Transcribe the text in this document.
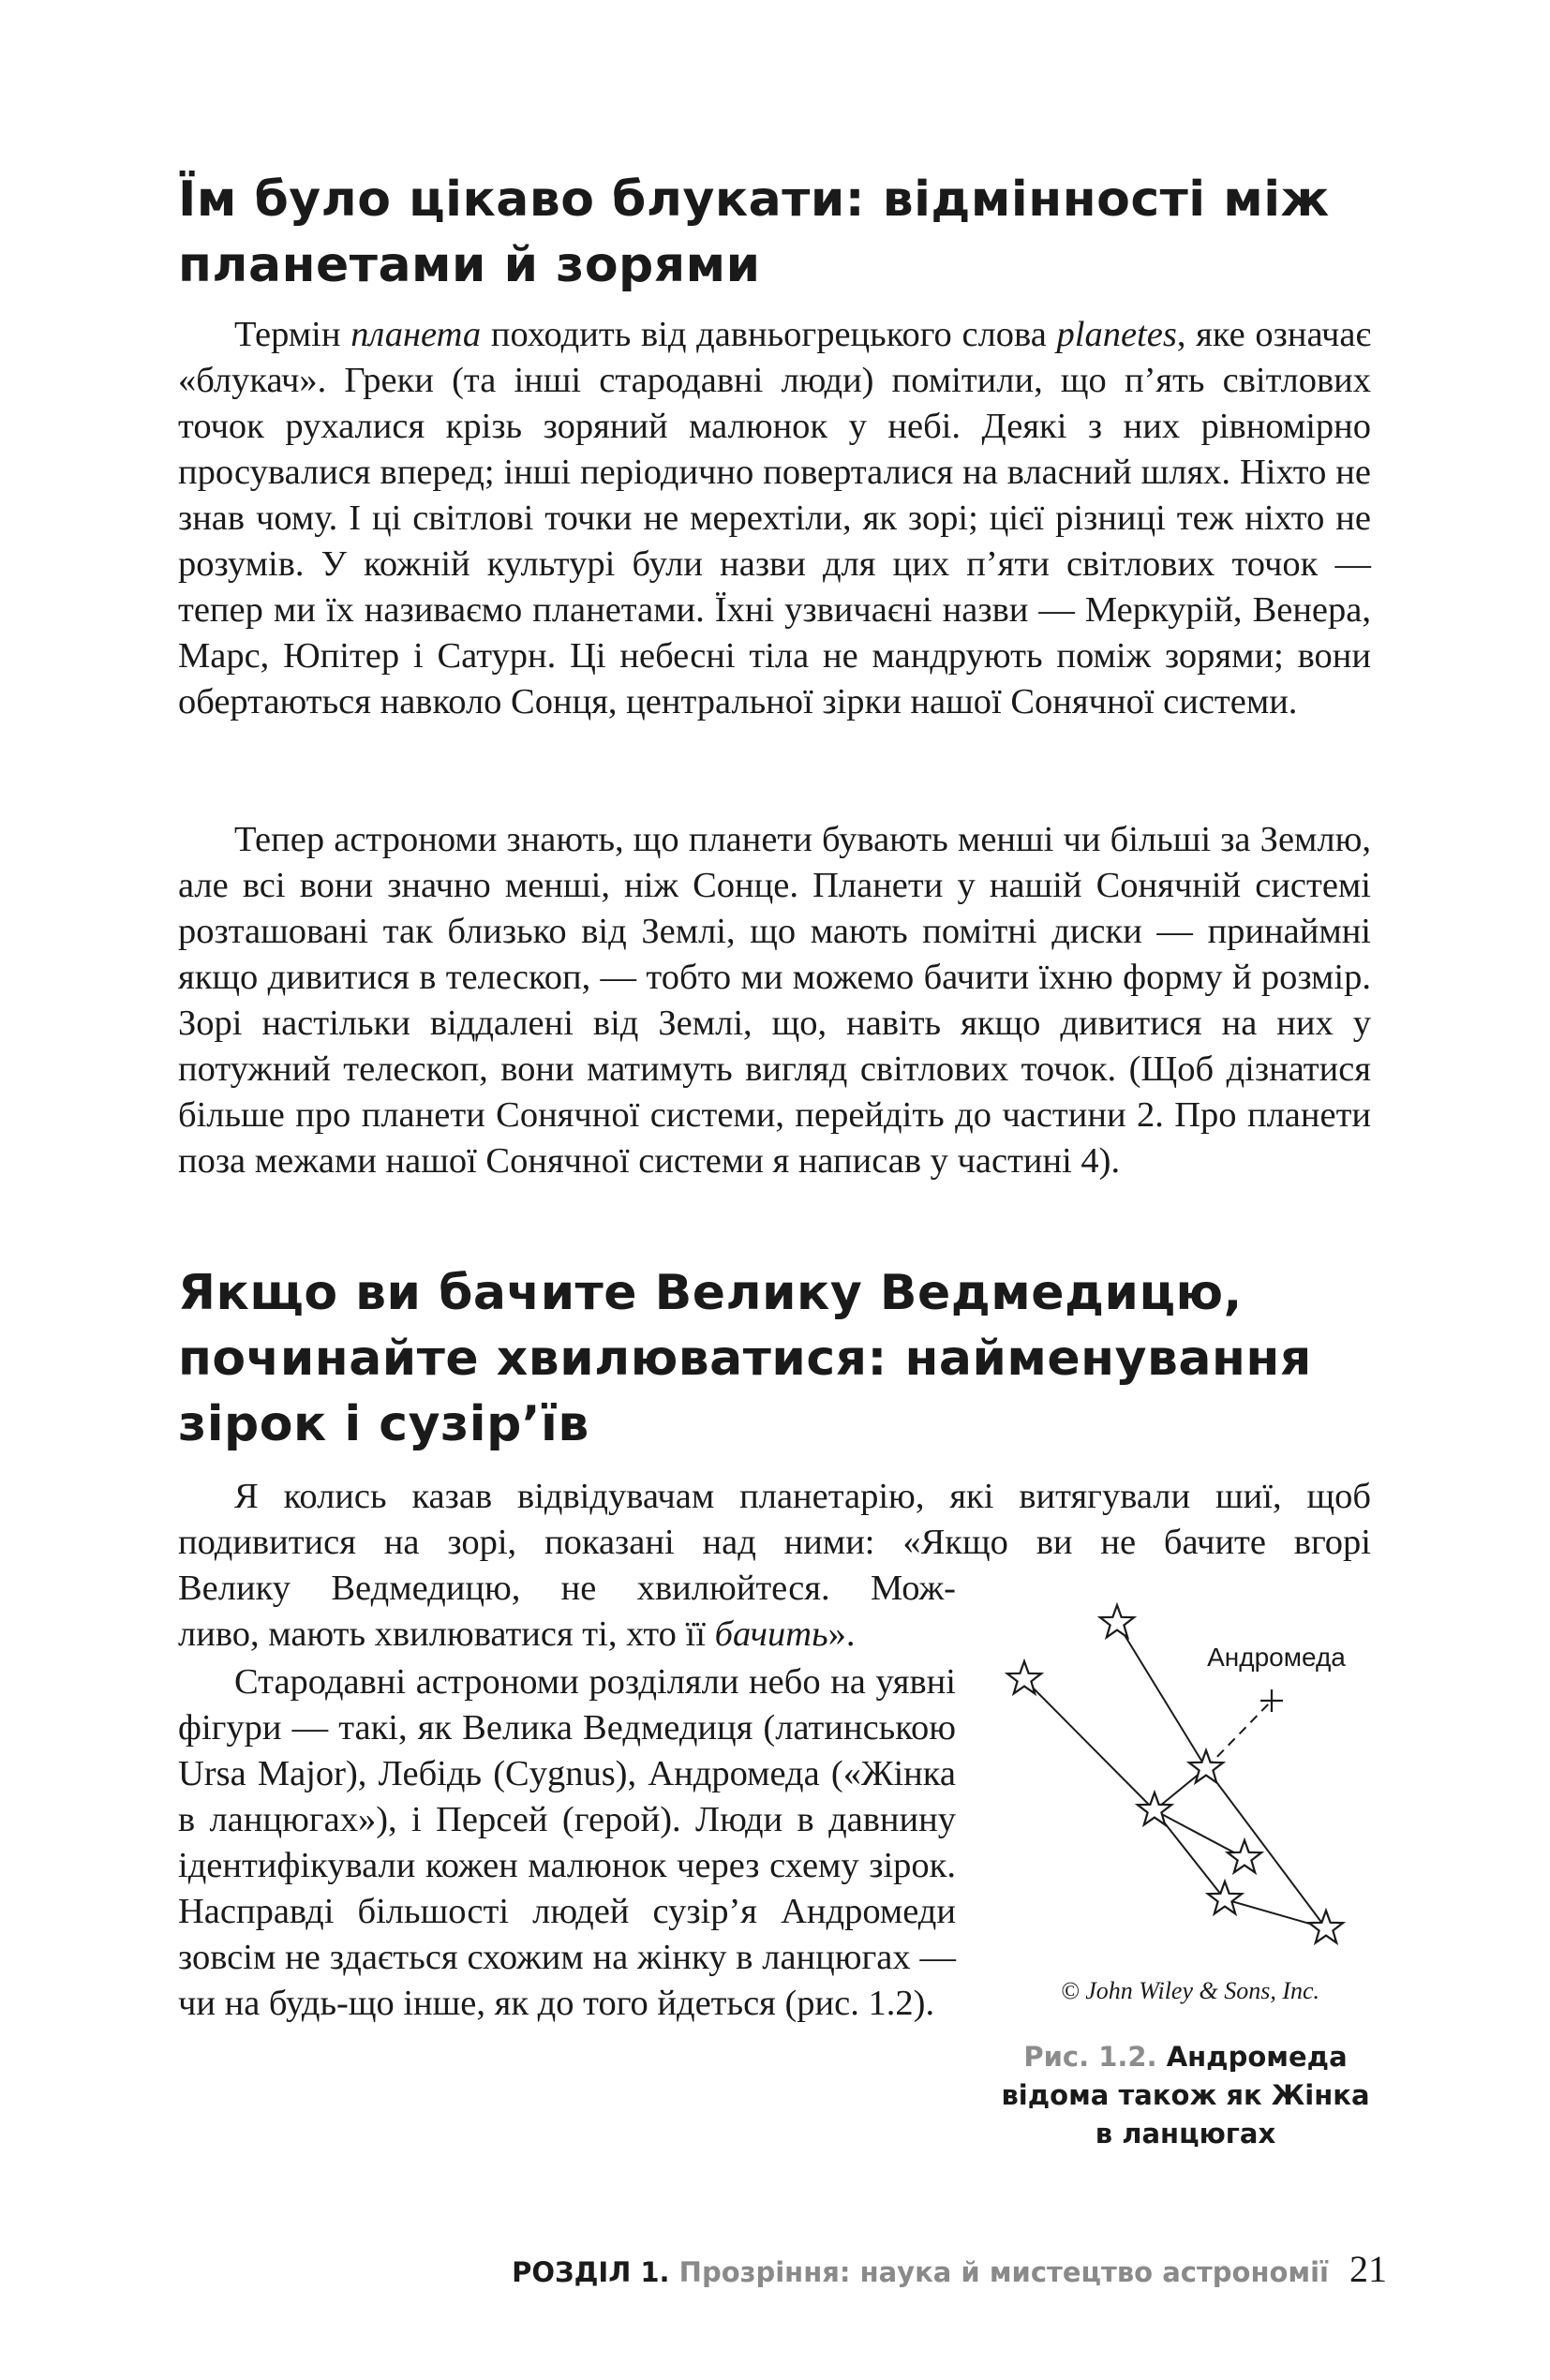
Їм було цікаво блукати: відмінності між
планетами й зорями

Термін планета походить від давньогрецького слова planetes, яке означає «блукач». Греки (та інші стародавні люди) помітили, що п’ять світлових точок рухалися крізь зоряний малюнок у небі. Деякі з них рівномірно просувалися вперед; інші періодично поверталися на власний шлях. Ніхто не знав чому. І ці світлові точки не мерехтіли, як зорі; цієї різниці теж ніхто не розумів. У кожній культурі були назви для цих п’яти світлових точок — тепер ми їх називаємо планетами. Їхні узвичаєні назви — Меркурій, Венера, Марс, Юпітер і Сатурн. Ці небесні тіла не мандрують поміж зорями; вони обертаються навколо Сонця, центральної зірки нашої Сонячної системи.

Тепер астрономи знають, що планети бувають менші чи більші за Землю, але всі вони значно менші, ніж Сонце. Планети у нашій Сонячній системі розташовані так близько від Землі, що мають помітні диски — принаймні якщо дивитися в телескоп, — тобто ми можемо бачити їхню форму й розмір. Зорі настільки віддалені від Землі, що, навіть якщо дивитися на них у потужний телескоп, вони матимуть вигляд світлових точок. (Щоб дізнатися більше про планети Сонячної системи, перейдіть до частини 2. Про планети поза межами нашої Сонячної системи я написав у частині 4).

Якщо ви бачите Велику Ведмедицю,
починайте хвилюватися: найменування
зірок і сузір’їв
Я колись казав відвідувачам планетарію, які витягували шиї, щоб
подивитися на зорі, показані над ними: «Якщо ви не бачите вгорі
Велику Ведмедицю, не хвилюйтеся. Мож-
ливо, мають хвилюватися ті, хто її бачить».

Стародавні астрономи розділяли небо на уявні фігури — такі, як Велика Ведмедиця (латинською Ursa Major), Лебідь (Cygnus), Андромеда («Жінка в ланцюгах»), і Персей (герой). Люди в давнину ідентифікували кожен малюнок через схему зірок. Насправді більшості людей сузір’я Андромеди зовсім не здається схожим на жінку в ланцюгах — чи на будь-що інше, як до того йдеться (рис. 1.2).

Андромеда
© John Wiley & Sons, Inc.
Рис. 1.2. Андромеда відома також як Жінка в ланцюгах
РОЗДІЛ 1. Прозріння: наука й мистецтво астрономії 21
